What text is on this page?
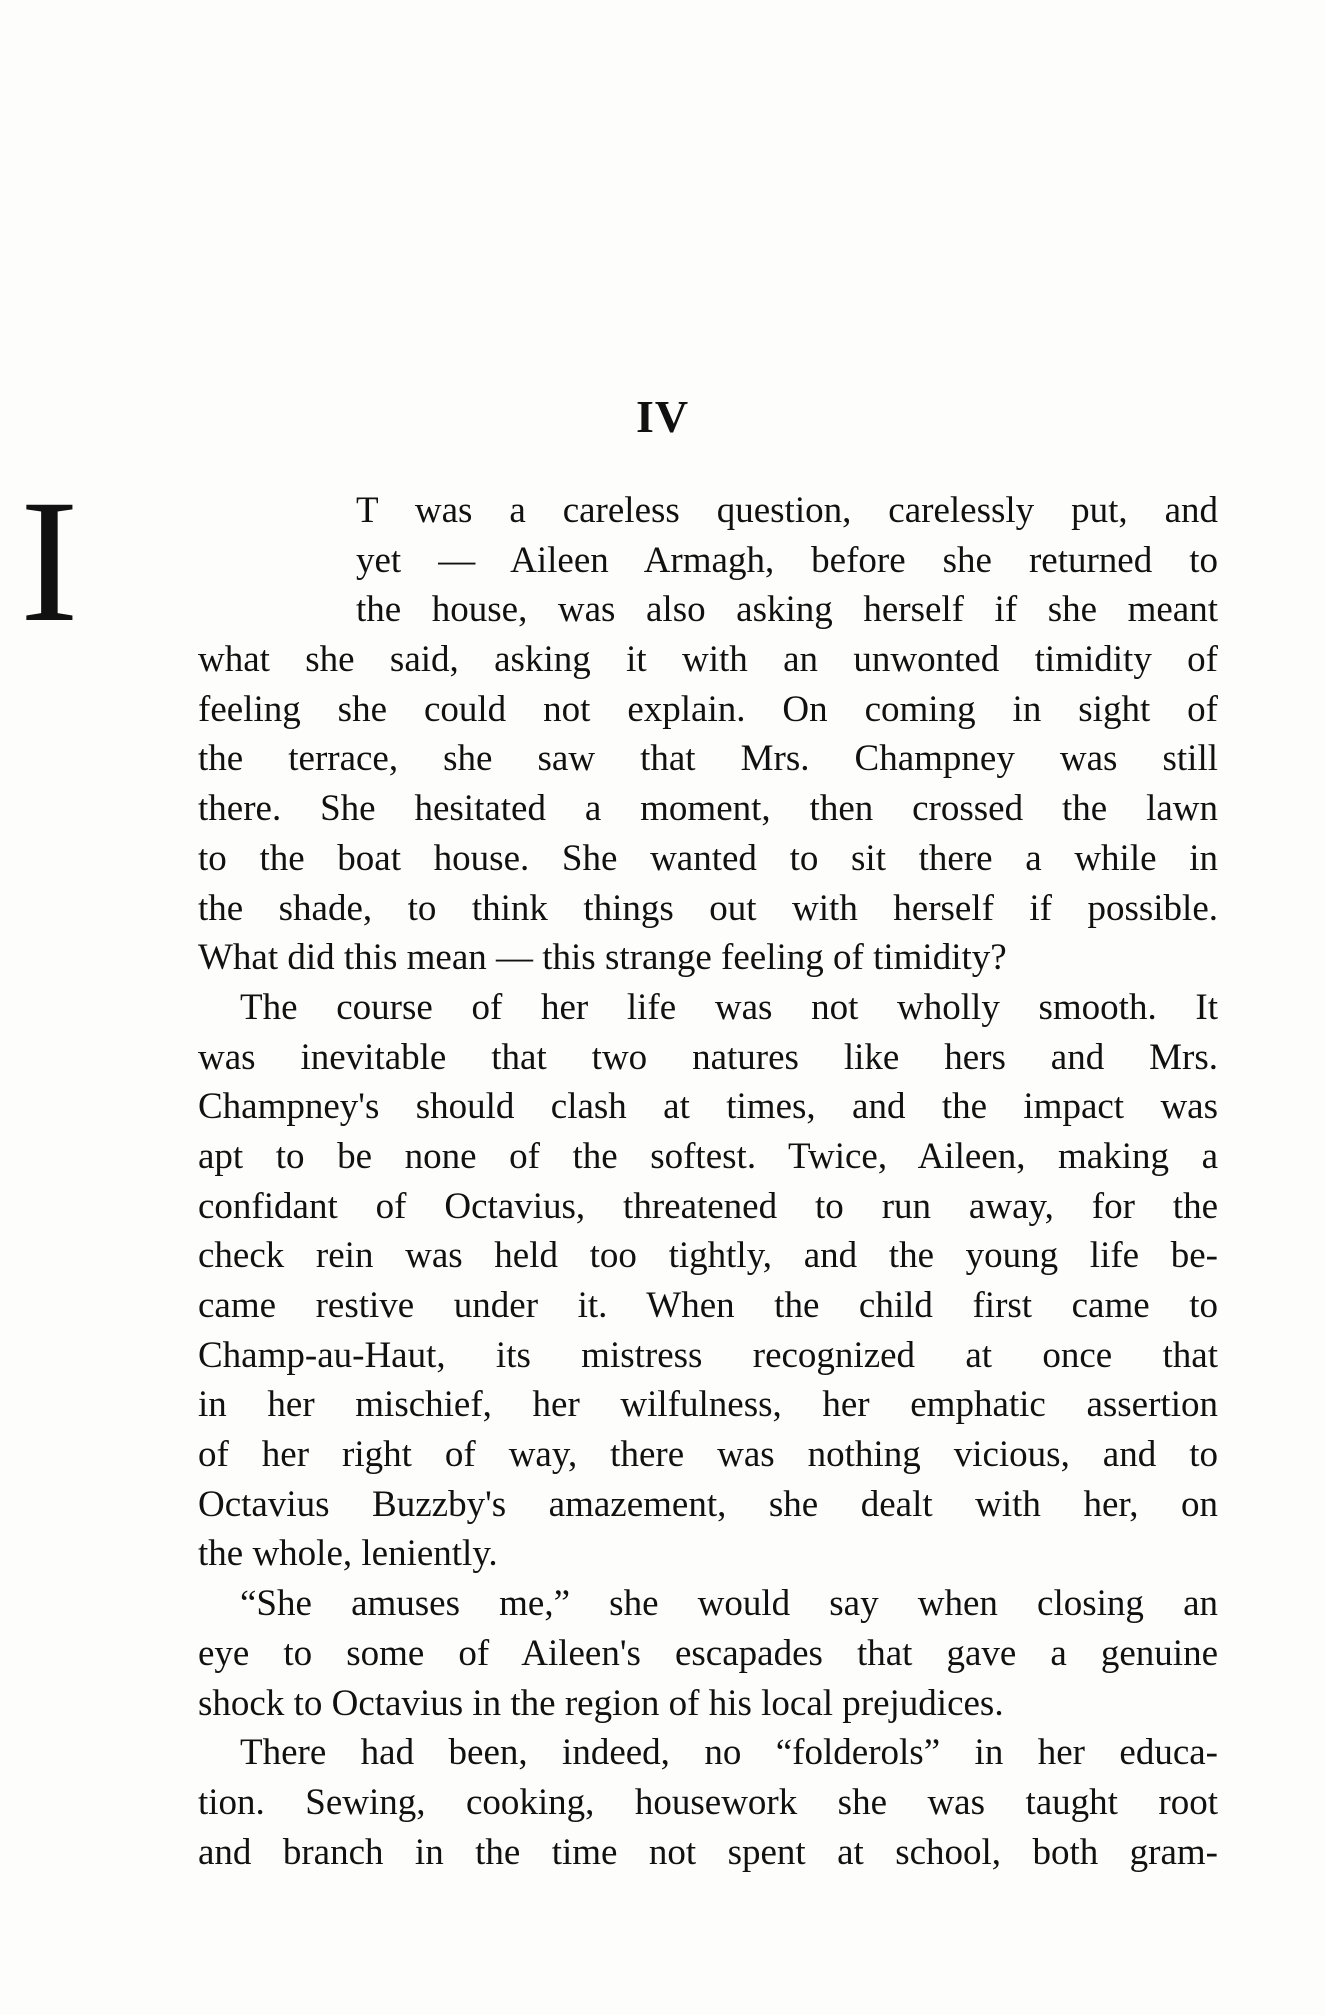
IV
I	T was a careless question, carelessly put, and
yet — Aileen Armagh, before she returned to
the house, was also asking herself if she meant
what she said, asking it with an unwonted timidity of
feeling she could not explain. On coming in sight of
the terrace, she saw that Mrs. Champney was still
there. She hesitated a moment, then crossed the lawn
to the boat house. She wanted to sit there a while in
the shade, to think things out with herself if possible.
What did this mean — this strange feeling of timidity?
The course of her life was not wholly smooth. It
was inevitable that two natures like hers and Mrs.
Champney's should clash at times, and the impact was
apt to be none of the softest. Twice, Aileen, making a
confidant of Octavius, threatened to run away, for the
check rein was held too tightly, and the young life be-
came restive under it. When the child first came to
Champ-au-Haut, its mistress recognized at once that
in her mischief, her wilfulness, her emphatic assertion
of her right of way, there was nothing vicious, and to
Octavius Buzzby's amazement, she dealt with her, on
the whole, leniently.
“She amuses me,” she would say when closing an
eye to some of Aileen's escapades that gave a genuine
shock to Octavius in the region of his local prejudices.
There had been, indeed, no “folderols” in her educa-
tion. Sewing, cooking, housework she was taught root
and branch in the time not spent at school, both gram-
